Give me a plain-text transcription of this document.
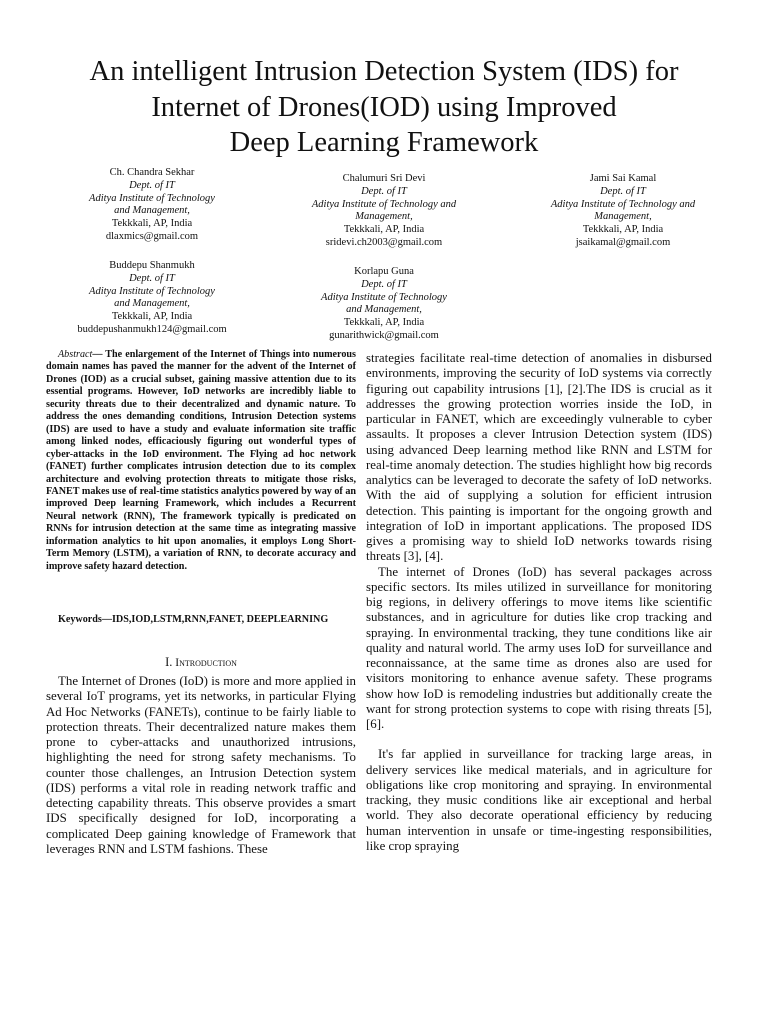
An intelligent Intrusion Detection System (IDS) for
Internet of Drones(IOD) using Improved
Deep Learning Framework
Ch. Chandra Sekhar
Dept. of IT
Aditya Institute of Technology
and Management,
Tekkkali, AP, India
dlaxmics@gmail.com
Chalumuri Sri Devi
Dept. of IT
Aditya Institute of Technology and
Management,
Tekkkali, AP, India
sridevi.ch2003@gmail.com
Jami Sai Kamal
Dept. of IT
Aditya Institute of Technology and
Management,
Tekkkali, AP, India
jsaikamal@gmail.com
Buddepu Shanmukh
Dept. of IT
Aditya Institute of Technology
and Management,
Tekkkali, AP, India
buddepushanmukh124@gmail.com
Korlapu Guna
Dept. of IT
Aditya Institute of Technology
and Management,
Tekkkali, AP, India
gunarithwick@gmail.com

Abstract— The enlargement of the Internet of Things into numerous domain names has paved the manner for the advent of the Internet of Drones (IOD) as a crucial subset, gaining massive attention due to its essential programs. However, IoD networks are incredibly liable to security threats due to their decentralized and dynamic nature. To address the ones demanding conditions, Intrusion Detection systems (IDS) are used to have a study and evaluate information site traffic among linked nodes, efficaciously figuring out wonderful types of cyber-attacks in the IoD environment. The Flying ad hoc network (FANET) further complicates intrusion detection due to its complex architecture and evolving protection threats to mitigate those risks, FANET makes use of real-time statistics analytics powered by way of an improved Deep learning Framework, which includes a Recurrent Neural network (RNN), The framework typically is predicated on RNNs for intrusion detection at the same time as integrating massive information analytics to hit upon anomalies, it employs Long Short-Term Memory (LSTM), a variation of RNN, to decorate accuracy and improve safety hazard detection.

Keywords—IDS,IOD,LSTM,RNN,FANET, DEEPLEARNING

I. Introduction

The Internet of Drones (IoD) is more and more applied in several IoT programs, yet its networks, in particular Flying Ad Hoc Networks (FANETs), continue to be fairly liable to protection threats. Their decentralized nature makes them prone to cyber-attacks and unauthorized intrusions, highlighting the need for strong safety mechanisms. To counter those challenges, an Intrusion Detection system (IDS) performs a vital role in reading network traffic and detecting capability threats. This observe provides a smart IDS specifically designed for IoD, incorporating a complicated Deep gaining knowledge of Framework that leverages RNN and LSTM fashions. These

strategies facilitate real-time detection of anomalies in disbursed environments, improving the security of IoD systems via correctly figuring out capability intrusions [1], [2].The IDS is crucial as it addresses the growing protection worries inside the IoD, in particular in FANET, which are exceedingly vulnerable to cyber assaults. It proposes a clever Intrusion Detection system (IDS) using advanced Deep learning method like RNN and LSTM for real-time anomaly detection. The studies highlight how big records analytics can be leveraged to decorate the safety of IoD networks. With the aid of supplying a solution for efficient intrusion detection. This painting is important for the ongoing growth and integration of IoD in important applications. The proposed IDS gives a promising way to shield IoD networks towards rising threats [3], [4].

The internet of Drones (IoD) has several packages across specific sectors. Its miles utilized in surveillance for monitoring big regions, in delivery offerings to move items like scientific substances, and in agriculture for duties like crop tracking and spraying. In environmental tracking, they tune conditions like air quality and natural world. The army uses IoD for surveillance and reconnaissance, at the same time as drones also are used for visitors monitoring to enhance avenue safety. These programs show how IoD is remodeling industries but additionally create the want for strong protection systems to cope with rising threats [5], [6].

It's far applied in surveillance for tracking large areas, in delivery services like medical materials, and in agriculture for obligations like crop monitoring and spraying. In environmental tracking, they music conditions like air exceptional and herbal world. They also decorate operational efficiency by reducing human intervention in unsafe or time-ingesting responsibilities, like crop spraying
